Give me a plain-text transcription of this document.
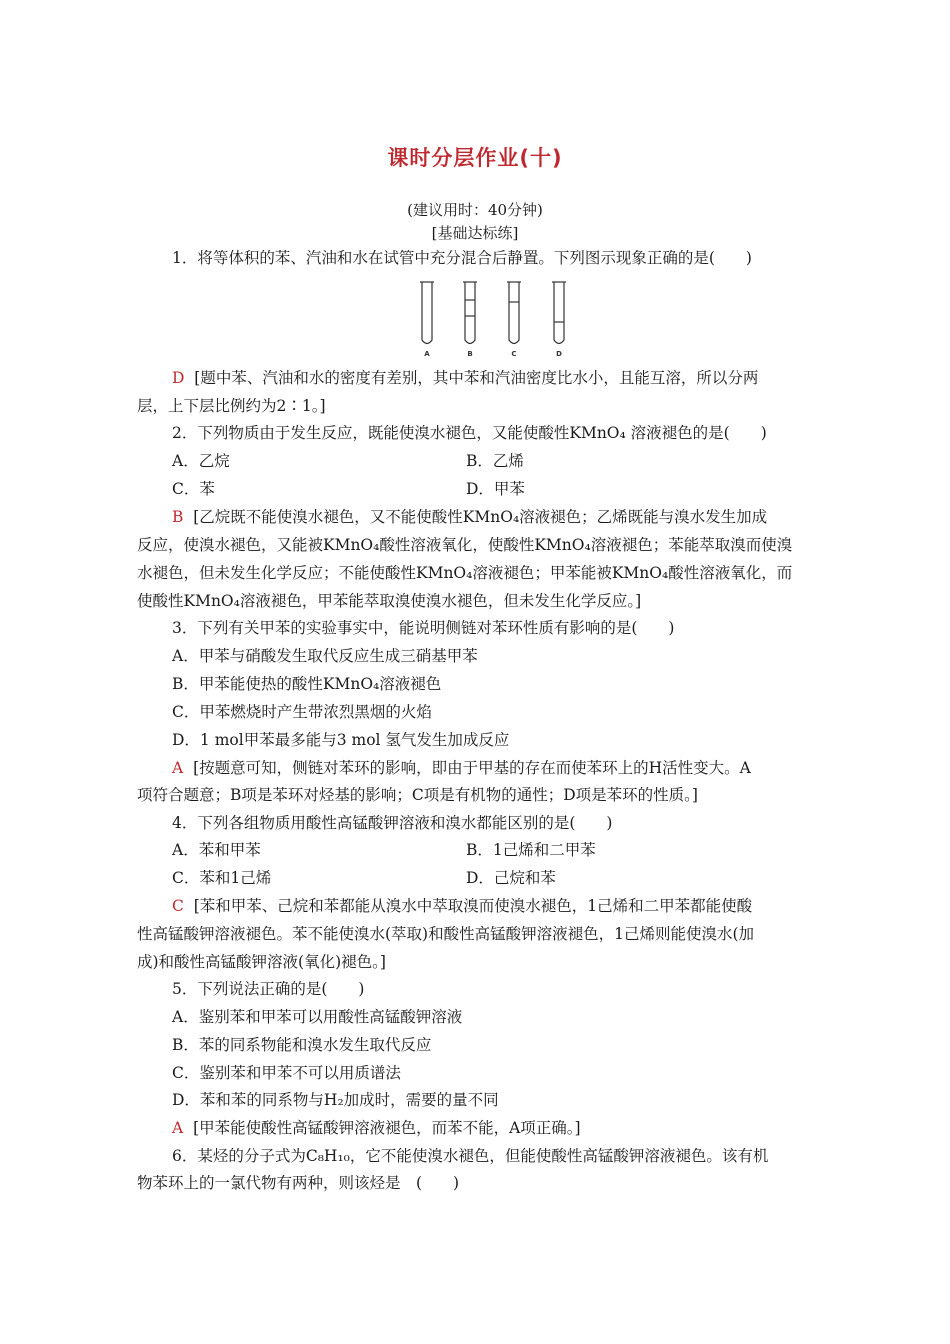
课时分层作业(十)
(建议用时：40分钟)
[基础达标练]
1．将等体积的苯、汽油和水在试管中充分混合后静置。下列图示现象正确的是(　　)
A	B	C	D
D [题中苯、汽油和水的密度有差别，其中苯和汽油密度比水小，且能互溶，所以分两
层，上下层比例约为2∶1。]
2．下列物质由于发生反应，既能使溴水褪色，又能使酸性KMnO₄ 溶液褪色的是(　　)
A．乙烷	B．乙烯
C．苯	D．甲苯
B [乙烷既不能使溴水褪色，又不能使酸性KMnO₄溶液褪色；乙烯既能与溴水发生加成
反应，使溴水褪色，又能被KMnO₄酸性溶液氧化，使酸性KMnO₄溶液褪色；苯能萃取溴而使溴
水褪色，但未发生化学反应；不能使酸性KMnO₄溶液褪色；甲苯能被KMnO₄酸性溶液氧化，而
使酸性KMnO₄溶液褪色，甲苯能萃取溴使溴水褪色，但未发生化学反应。]
3．下列有关甲苯的实验事实中，能说明侧链对苯环性质有影响的是(　　)
A．甲苯与硝酸发生取代反应生成三硝基甲苯
B．甲苯能使热的酸性KMnO₄溶液褪色
C．甲苯燃烧时产生带浓烈黑烟的火焰
D．1 mol甲苯最多能与3 mol 氢气发生加成反应
A [按题意可知，侧链对苯环的影响，即由于甲基的存在而使苯环上的H活性变大。A
项符合题意；B项是苯环对烃基的影响；C项是有机物的通性；D项是苯环的性质。]
4．下列各组物质用酸性高锰酸钾溶液和溴水都能区别的是(　　)
A．苯和甲苯	B．1己烯和二甲苯
C．苯和1己烯	D．己烷和苯
C [苯和甲苯、己烷和苯都能从溴水中萃取溴而使溴水褪色，1己烯和二甲苯都能使酸
性高锰酸钾溶液褪色。苯不能使溴水(萃取)和酸性高锰酸钾溶液褪色，1己烯则能使溴水(加
成)和酸性高锰酸钾溶液(氧化)褪色。]
5．下列说法正确的是(　　)
A．鉴别苯和甲苯可以用酸性高锰酸钾溶液
B．苯的同系物能和溴水发生取代反应
C．鉴别苯和甲苯不可以用质谱法
D．苯和苯的同系物与H₂加成时，需要的量不同
A [甲苯能使酸性高锰酸钾溶液褪色，而苯不能，A项正确。]
6．某烃的分子式为C₈H₁₀，它不能使溴水褪色，但能使酸性高锰酸钾溶液褪色。该有机
物苯环上的一氯代物有两种，则该烃是　(　　)
